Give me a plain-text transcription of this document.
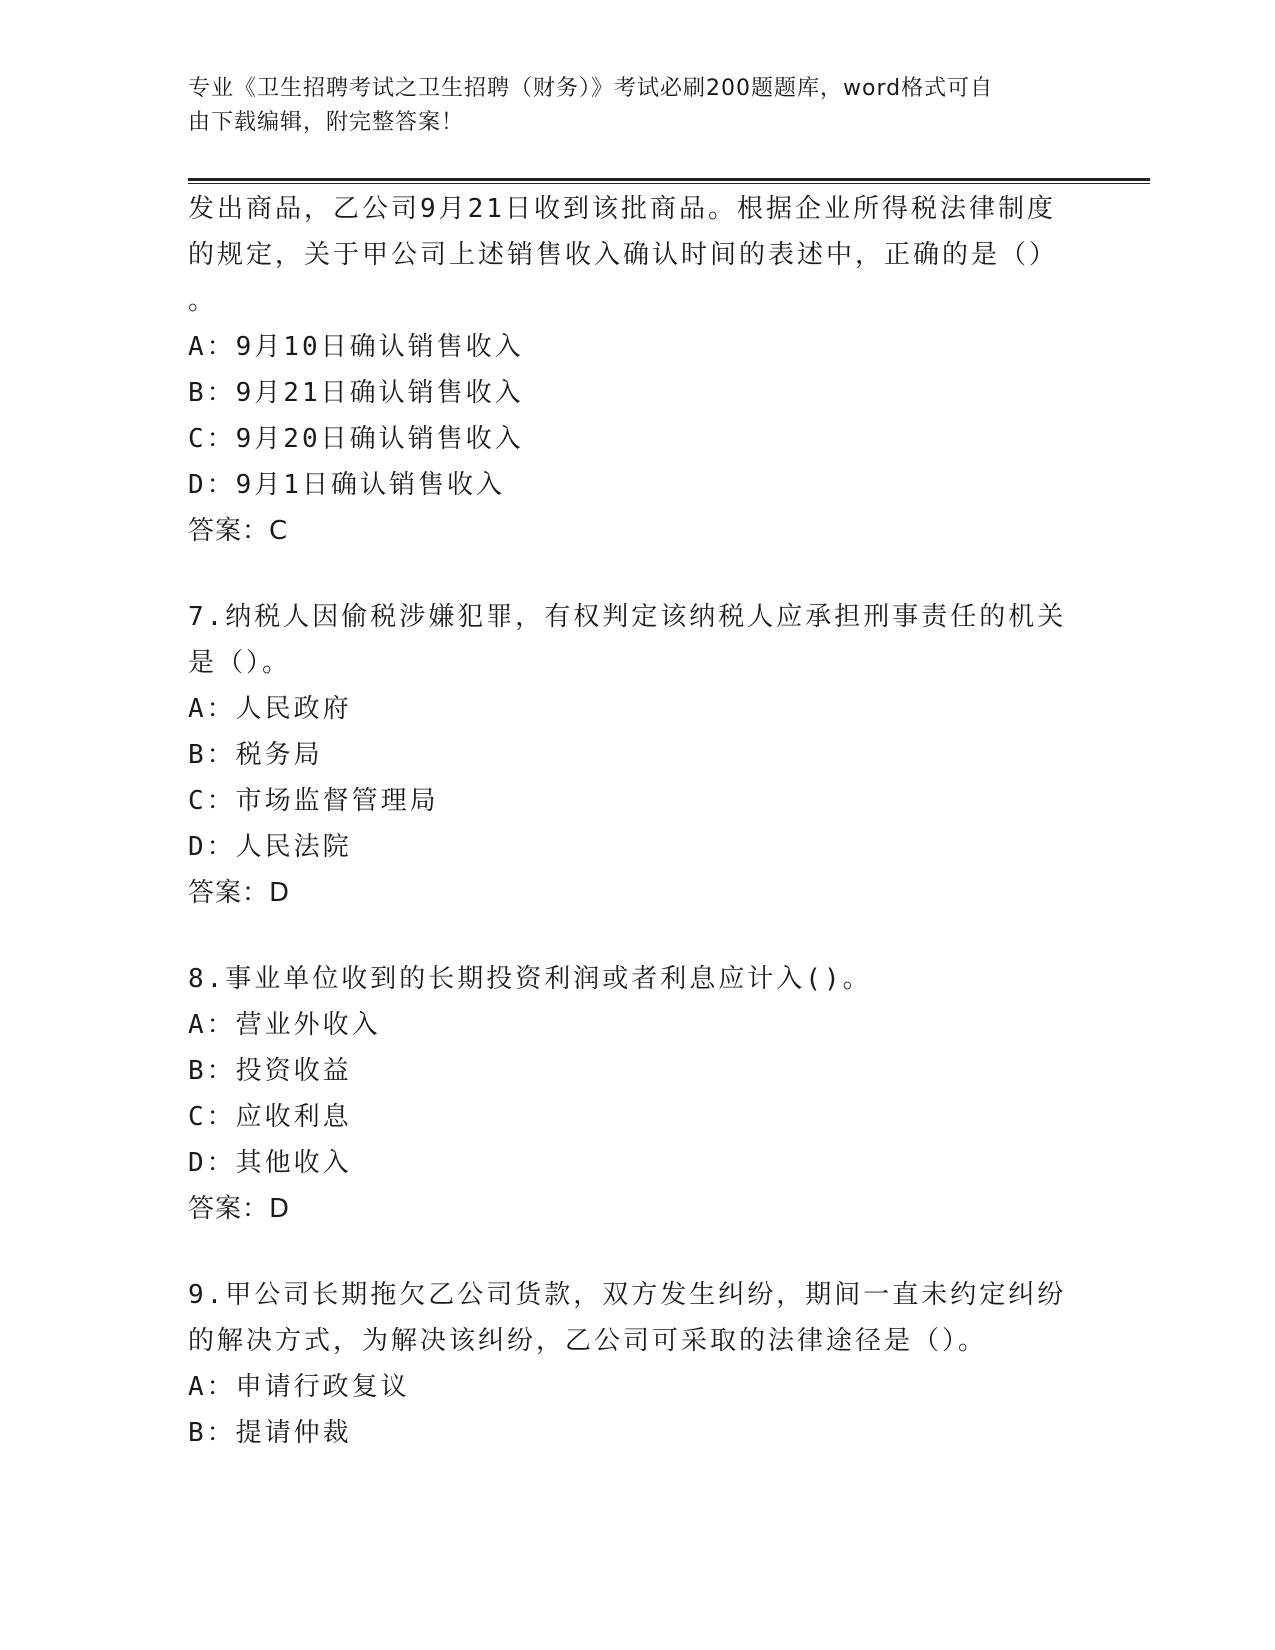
专业《卫生招聘考试之卫生招聘（财务）》考试必刷200题题库，word格式可自
由下载编辑，附完整答案！
发出商品，乙公司9月21日收到该批商品。根据企业所得税法律制度
的规定，关于甲公司上述销售收入确认时间的表述中，正确的是（）
。
A：9月10日确认销售收入
B：9月21日确认销售收入
C：9月20日确认销售收入
D：9月1日确认销售收入
答案：C
7.纳税人因偷税涉嫌犯罪，有权判定该纳税人应承担刑事责任的机关
是（）。
A：人民政府
B：税务局
C：市场监督管理局
D：人民法院
答案：D
8.事业单位收到的长期投资利润或者利息应计入()。
A：营业外收入
B：投资收益
C：应收利息
D：其他收入
答案：D
9.甲公司长期拖欠乙公司货款，双方发生纠纷，期间一直未约定纠纷
的解决方式，为解决该纠纷，乙公司可采取的法律途径是（）。
A：申请行政复议
B：提请仲裁
